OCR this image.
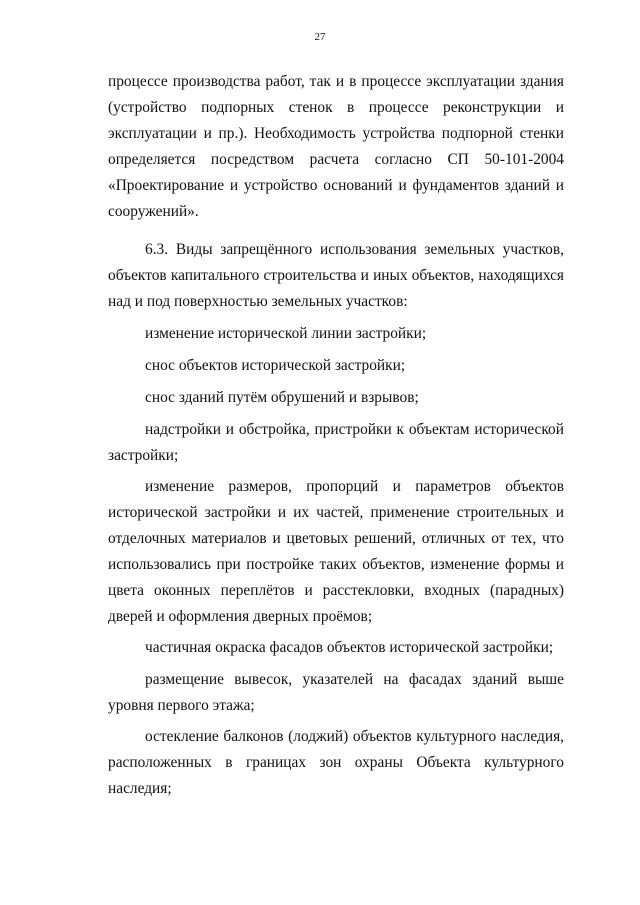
27

процессе производства работ, так и в процессе эксплуатации здания (устройство подпорных стенок в процессе реконструкции и эксплуатации и пр.). Необходимость устройства подпорной стенки определяется посредством расчета согласно СП 50-101-2004 «Проектирование и устройство оснований и фундаментов зданий и сооружений».

6.3. Виды запрещённого использования земельных участков, объектов капитального строительства и иных объектов, находящихся над и под поверхностью земельных участков:

изменение исторической линии застройки;

снос объектов исторической застройки;

снос зданий путём обрушений и взрывов;

надстройки и обстройка, пристройки к объектам исторической застройки;

изменение размеров, пропорций и параметров объектов исторической застройки и их частей, применение строительных и отделочных материалов и цветовых решений, отличных от тех, что использовались при постройке таких объектов, изменение формы и цвета оконных переплётов и расстекловки, входных (парадных) дверей и оформления дверных проёмов;

частичная окраска фасадов объектов исторической застройки;

размещение вывесок, указателей на фасадах зданий выше уровня первого этажа;

остекление балконов (лоджий) объектов культурного наследия, расположенных в границах зон охраны Объекта культурного наследия;
